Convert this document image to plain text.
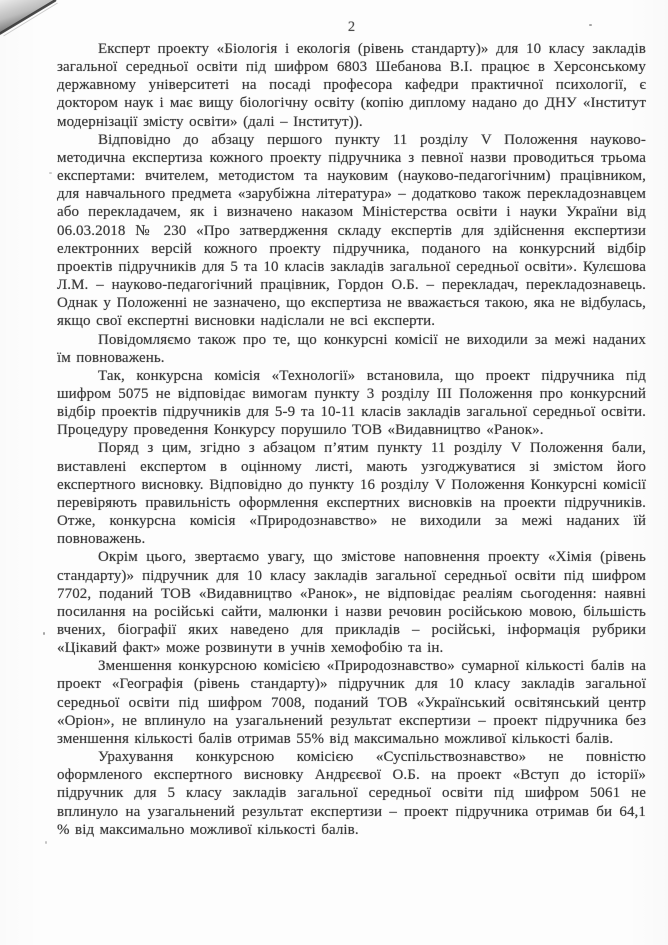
2

Експерт проекту «Біологія і екологія (рівень стандарту)» для 10 класу закладів загальної середньої освіти під шифром 6803 Шебанова В.І. працює в Херсонському державному університеті на посаді професора кафедри практичної психології, є доктором наук і має вищу біологічну освіту (копію диплому надано до ДНУ «Інститут модернізації змісту освіти» (далі – Інститут)).

Відповідно до абзацу першого пункту 11 розділу V Положення науково-методична експертиза кожного проекту підручника з певної назви проводиться трьома експертами: вчителем, методистом та науковим (науково-педагогічним) працівником, для навчального предмета «зарубіжна література» – додатково також перекладознавцем або перекладачем, як і визначено наказом Міністерства освіти і науки України від 06.03.2018 № 230 «Про затвердження складу експертів для здійснення експертизи електронних версій кожного проекту підручника, поданого на конкурсний відбір проектів підручників для 5 та 10 класів закладів загальної середньої освіти». Кулєшова Л.М. – науково-педагогічний працівник, Гордон О.Б. – перекладач, перекладознавець. Однак у Положенні не зазначено, що експертиза не вважається такою, яка не відбулась, якщо свої експертні висновки надіслали не всі експерти.

Повідомляємо також про те, що конкурсні комісії не виходили за межі наданих їм повноважень.

Так, конкурсна комісія «Технології» встановила, що проект підручника під шифром 5075 не відповідає вимогам пункту 3 розділу III Положення про конкурсний відбір проектів підручників для 5-9 та 10-11 класів закладів загальної середньої освіти. Процедуру проведення Конкурсу порушило ТОВ «Видавництво «Ранок».

Поряд з цим, згідно з абзацом п’ятим пункту 11 розділу V Положення бали, виставлені експертом в оцінному листі, мають узгоджуватися зі змістом його експертного висновку. Відповідно до пункту 16 розділу V Положення Конкурсні комісії перевіряють правильність оформлення експертних висновків на проекти підручників. Отже, конкурсна комісія «Природознавство» не виходили за межі наданих їй повноважень.

Окрім цього, звертаємо увагу, що змістове наповнення проекту «Хімія (рівень стандарту)» підручник для 10 класу закладів загальної середньої освіти під шифром 7702, поданий ТОВ «Видавництво «Ранок», не відповідає реаліям сьогодення: наявні посилання на російські сайти, малюнки і назви речовин російською мовою, більшість вчених, біографії яких наведено для прикладів – російські, інформація рубрики «Цікавий факт» може розвинути в учнів хемофобію та ін.

Зменшення конкурсною комісією «Природознавство» сумарної кількості балів на проект «Географія (рівень стандарту)» підручник для 10 класу закладів загальної середньої освіти під шифром 7008, поданий ТОВ «Український освітянський центр «Оріон», не вплинуло на узагальнений результат експертизи – проект підручника без зменшення кількості балів отримав 55% від максимально можливої кількості балів.

Урахування конкурсною комісією «Суспільствознавство» не повністю оформленого експертного висновку Андрєєвої О.Б. на проект «Вступ до історії» підручник для 5 класу закладів загальної середньої освіти під шифром 5061 не вплинуло на узагальнений результат експертизи – проект підручника отримав би 64,1 % від максимально можливої кількості балів.
